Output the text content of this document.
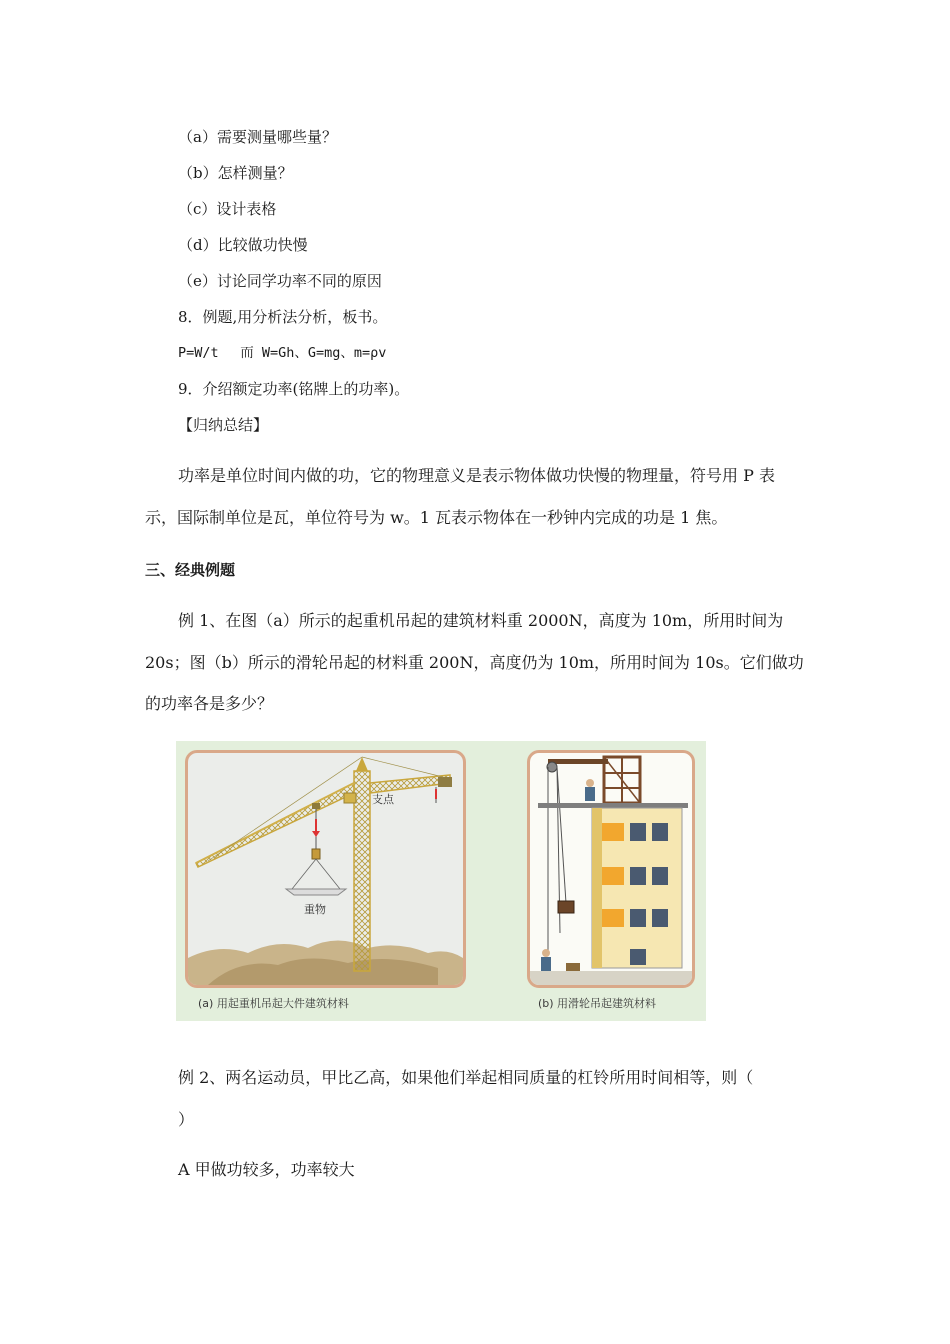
（a）需要测量哪些量？
（b）怎样测量？
（c）设计表格
（d）比较做功快慢
（e）讨论同学功率不同的原因
8．例题,用分析法分析，板书。
P=W/t　 而 W=Gh、G=mg、m=ρv
9．介绍额定功率(铭牌上的功率)。
【归纳总结】
功率是单位时间内做的功，它的物理意义是表示物体做功快慢的物理量，符号用 P 表
示，国际制单位是瓦，单位符号为 w。1 瓦表示物体在一秒钟内完成的功是 1 焦。
三、经典例题
例 1、在图（a）所示的起重机吊起的建筑材料重 2000N，高度为 10m，所用时间为
20s；图（b）所示的滑轮吊起的材料重 200N，高度仍为 10m，所用时间为 10s。它们做功
的功率各是多少？
支点
重物
(a) 用起重机吊起大件建筑材料	(b) 用滑轮吊起建筑材料
例 2、两名运动员，甲比乙高，如果他们举起相同质量的杠铃所用时间相等，则（
）
A 甲做功较多，功率较大
